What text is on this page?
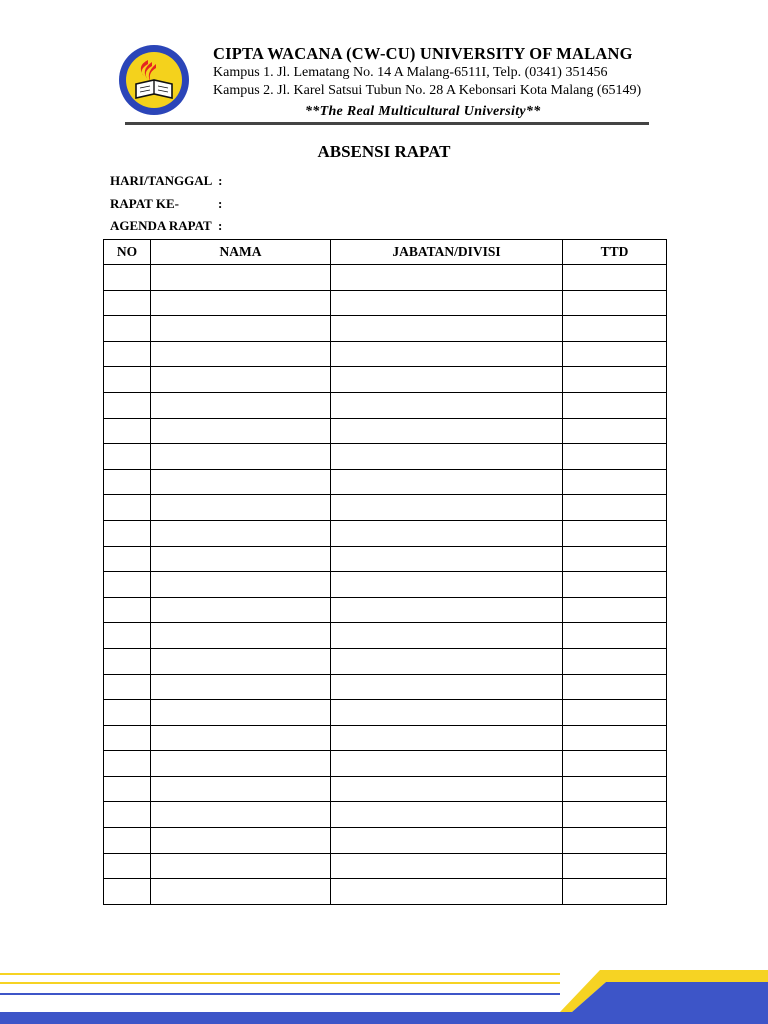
CIPTA WACANA (CW-CU) UNIVERSITY OF MALANG
Kampus 1. Jl. Lematang No. 14 A Malang-6511I, Telp. (0341) 351456
Kampus 2. Jl. Karel Satsui Tubun No. 28 A Kebonsari Kota Malang (65149)
**The Real Multicultural University**
ABSENSI RAPAT
HARI/TANGGAL  :
RAPAT KE-            :
AGENDA RAPAT  :
NO	NAMA	JABATAN/DIVISI	TTD
